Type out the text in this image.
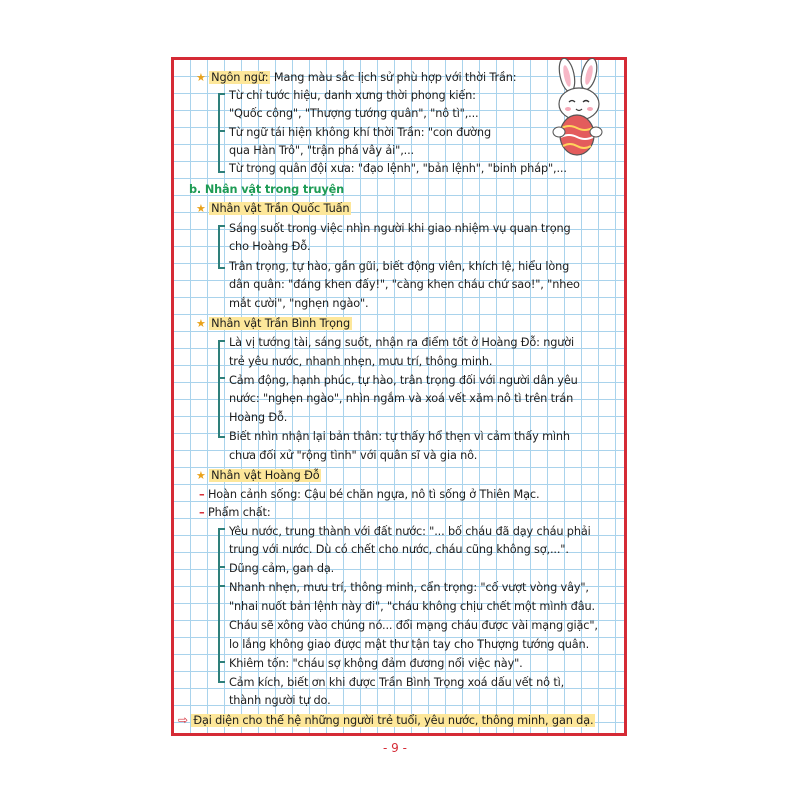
★ Ngôn ngữ: Mang màu sắc lịch sử phù hợp với thời Trần:
Từ chỉ tước hiệu, danh xưng thời phong kiến:
"Quốc công", "Thượng tướng quân", "nô tì",...
Từ ngữ tái hiện không khí thời Trần: "con đường
qua Hàn Trô", "trận phá vây ải",...
Từ trong quân đội xưa: "đạo lệnh", "bản lệnh", "binh pháp",...
b. Nhân vật trong truyện
★ Nhân vật Trần Quốc Tuấn
Sáng suốt trong việc nhìn người khi giao nhiệm vụ quan trọng
cho Hoàng Đỗ.
Trân trọng, tự hào, gần gũi, biết động viên, khích lệ, hiểu lòng
dân quân: "đáng khen đấy!", "càng khen cháu chứ sao!", "nheo
mắt cười", "nghẹn ngào".
★ Nhân vật Trần Bình Trọng
Là vị tướng tài, sáng suốt, nhận ra điểm tốt ở Hoàng Đỗ: người
trẻ yêu nước, nhanh nhẹn, mưu trí, thông minh.
Cảm động, hạnh phúc, tự hào, trân trọng đối với người dân yêu
nước: "nghẹn ngào", nhìn ngắm và xoá vết xăm nô tì trên trán
Hoàng Đỗ.
Biết nhìn nhận lại bản thân: tự thấy hổ thẹn vì cảm thấy mình
chưa đối xử "rộng tình" với quân sĩ và gia nô.
★ Nhân vật Hoàng Đỗ
– Hoàn cảnh sống: Cậu bé chăn ngựa, nô tì sống ở Thiên Mạc.
– Phẩm chất:
Yêu nước, trung thành với đất nước: "... bố cháu đã dạy cháu phải
trung với nước. Dù có chết cho nước, cháu cũng không sợ,...".
Dũng cảm, gan dạ.
Nhanh nhẹn, mưu trí, thông minh, cẩn trọng: "cố vượt vòng vây",
"nhai nuốt bản lệnh này đi", "cháu không chịu chết một mình đâu.
Cháu sẽ xông vào chúng nó... đổi mạng cháu được vài mạng giặc",
lo lắng không giao được mật thư tận tay cho Thượng tướng quân.
Khiêm tốn: "cháu sợ không đảm đương nổi việc này".
Cảm kích, biết ơn khi được Trần Bình Trọng xoá dấu vết nô tì,
thành người tự do.
⇨ Đại diện cho thế hệ những người trẻ tuổi, yêu nước, thông minh, gan dạ.
- 9 -
